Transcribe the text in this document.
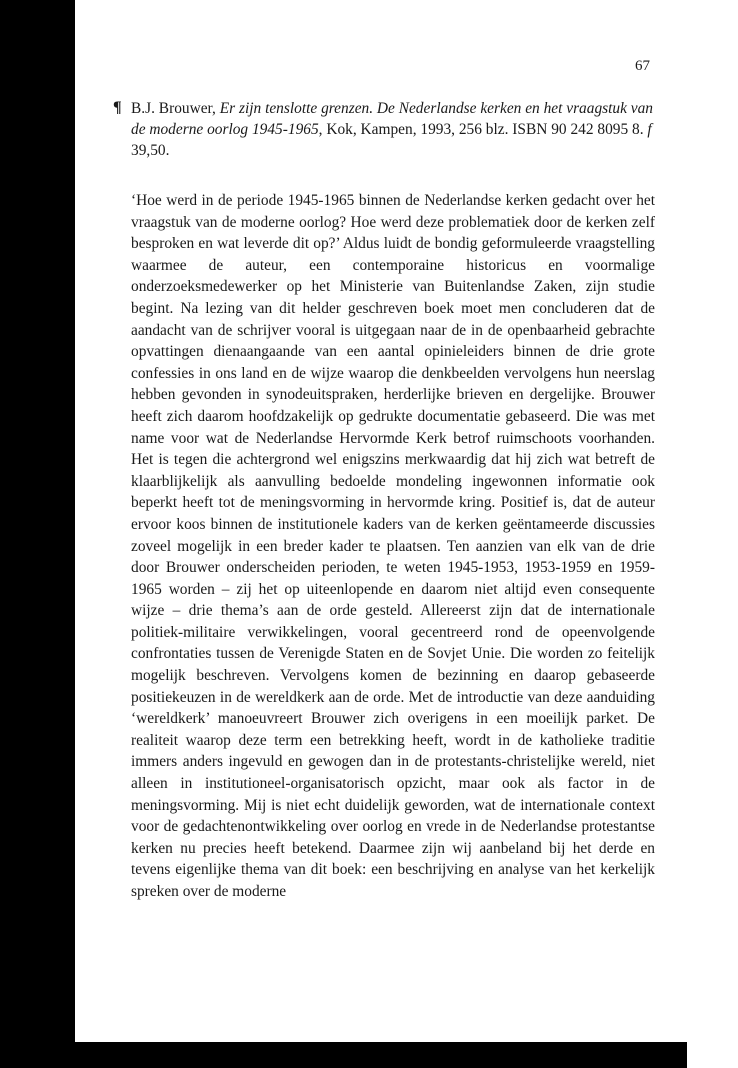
67
¶ B.J. Brouwer, Er zijn tenslotte grenzen. De Nederlandse kerken en het vraagstuk van de moderne oorlog 1945-1965, Kok, Kampen, 1993, 256 blz. ISBN 90 242 8095 8. f 39,50.

‘Hoe werd in de periode 1945-1965 binnen de Nederlandse kerken gedacht over het vraagstuk van de moderne oorlog? Hoe werd deze problematiek door de kerken zelf besproken en wat leverde dit op?’ Aldus luidt de bondig geformuleerde vraagstelling waarmee de auteur, een contemporaine historicus en voormalige onderzoeksmedewerker op het Ministerie van Buitenlandse Zaken, zijn studie begint. Na lezing van dit helder geschreven boek moet men concluderen dat de aandacht van de schrijver vooral is uitgegaan naar de in de openbaarheid gebrachte opvattingen dienaangaande van een aantal opinieleiders binnen de drie grote confessies in ons land en de wijze waarop die denkbeelden vervolgens hun neerslag hebben gevonden in synodeuitspraken, herderlijke brieven en dergelijke. Brouwer heeft zich daarom hoofdzakelijk op gedrukte documentatie gebaseerd. Die was met name voor wat de Nederlandse Hervormde Kerk betrof ruimschoots voorhanden. Het is tegen die achtergrond wel enigszins merkwaardig dat hij zich wat betreft de klaarblijkelijk als aanvulling bedoelde mondeling ingewonnen informatie ook beperkt heeft tot de meningsvorming in hervormde kring. Positief is, dat de auteur ervoor koos binnen de institutionele kaders van de kerken geëntameerde discussies zoveel mogelijk in een breder kader te plaatsen. Ten aanzien van elk van de drie door Brouwer onderscheiden perioden, te weten 1945-1953, 1953-1959 en 1959-1965 worden – zij het op uiteenlopende en daarom niet altijd even consequente wijze – drie thema’s aan de orde gesteld. Allereerst zijn dat de internationale politiek-militaire verwikkelingen, vooral gecentreerd rond de opeenvolgende confrontaties tussen de Verenigde Staten en de Sovjet Unie. Die worden zo feitelijk mogelijk beschreven. Vervolgens komen de bezinning en daarop gebaseerde positiekeuzen in de wereldkerk aan de orde. Met de introductie van deze aanduiding ‘wereldkerk’ manoeuvreert Brouwer zich overigens in een moeilijk parket. De realiteit waarop deze term een betrekking heeft, wordt in de katholieke traditie immers anders ingevuld en gewogen dan in de protestants-christelijke wereld, niet alleen in institutioneel-organisatorisch opzicht, maar ook als factor in de meningsvorming. Mij is niet echt duidelijk geworden, wat de internationale context voor de gedachtenontwikkeling over oorlog en vrede in de Nederlandse protestantse kerken nu precies heeft betekend. Daarmee zijn wij aanbeland bij het derde en tevens eigenlijke thema van dit boek: een beschrijving en analyse van het kerkelijk spreken over de moderne
